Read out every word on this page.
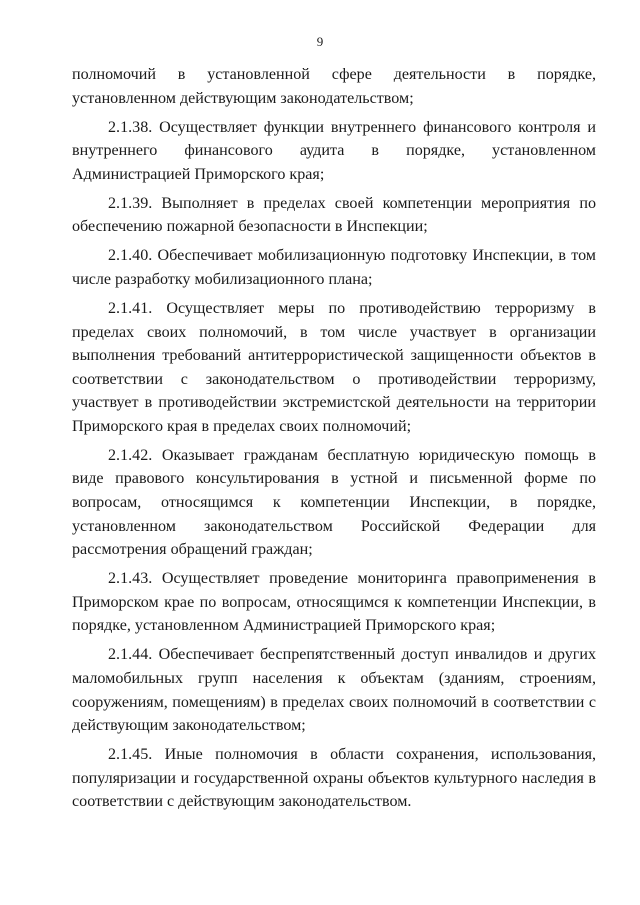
9

полномочий в установленной сфере деятельности в порядке, установленном действующим законодательством;

2.1.38. Осуществляет функции внутреннего финансового контроля и внутреннего финансового аудита в порядке, установленном Администрацией Приморского края;

2.1.39. Выполняет в пределах своей компетенции мероприятия по обеспечению пожарной безопасности в Инспекции;

2.1.40. Обеспечивает мобилизационную подготовку Инспекции, в том числе разработку мобилизационного плана;

2.1.41. Осуществляет меры по противодействию терроризму в пределах своих полномочий, в том числе участвует в организации выполнения требований антитеррористической защищенности объектов в соответствии с законодательством о противодействии терроризму, участвует в противодействии экстремистской деятельности на территории Приморского края в пределах своих полномочий;

2.1.42. Оказывает гражданам бесплатную юридическую помощь в виде правового консультирования в устной и письменной форме по вопросам, относящимся к компетенции Инспекции, в порядке, установленном законодательством Российской Федерации для рассмотрения обращений граждан;

2.1.43. Осуществляет проведение мониторинга правоприменения в Приморском крае по вопросам, относящимся к компетенции Инспекции, в порядке, установленном Администрацией Приморского края;

2.1.44. Обеспечивает беспрепятственный доступ инвалидов и других маломобильных групп населения к объектам (зданиям, строениям, сооружениям, помещениям) в пределах своих полномочий в соответствии с действующим законодательством;

2.1.45. Иные полномочия в области сохранения, использования, популяризации и государственной охраны объектов культурного наследия в соответствии с действующим законодательством.
